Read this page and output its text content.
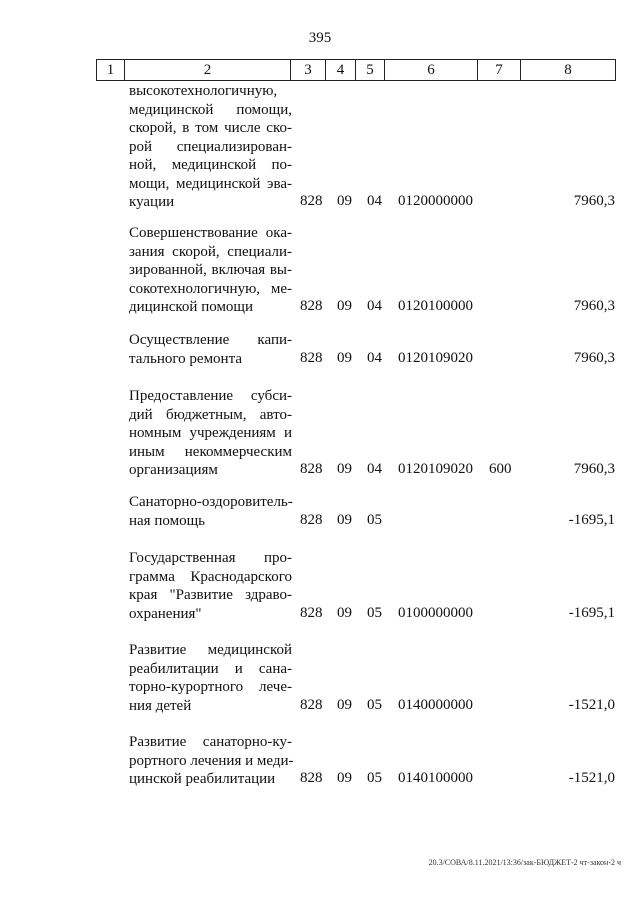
395
1	2	3	4	5	6	7	8
высокотехнологичную,
медицинской помощи,
скорой, в том числе ско-
рой специализирован-
ной, медицинской по-
мощи, медицинской эва-
куации	828 09 04 0120000000	7960,3
Совершенствование ока-
зания скорой, специали-
зированной, включая вы-
сокотехнологичную, ме-
дицинской помощи	828 09 04 0120100000	7960,3
Осуществление капи-
тального ремонта	828 09 04 0120109020	7960,3
Предоставление субси-
дий бюджетным, авто-
номным учреждениям и
иным некоммерческим
организациям	828 09 04 0120109020 600	7960,3
Санаторно-оздоровитель-
ная помощь	828 09 05	-1695,1
Государственная про-
грамма Краснодарского
края "Развитие здраво-
охранения"	828 09 05 0100000000	-1695,1
Развитие медицинской
реабилитации и сана-
торно-курортного лече-
ния детей	828 09 05 0140000000	-1521,0
Развитие санаторно-ку-
рортного лечения и меди-
цинской реабилитации	828 09 05 0140100000	-1521,0
20.3/СОВА/8.11.2021/13:36/зак-БЮДЖЕТ-2 чт-закон-2 ч
